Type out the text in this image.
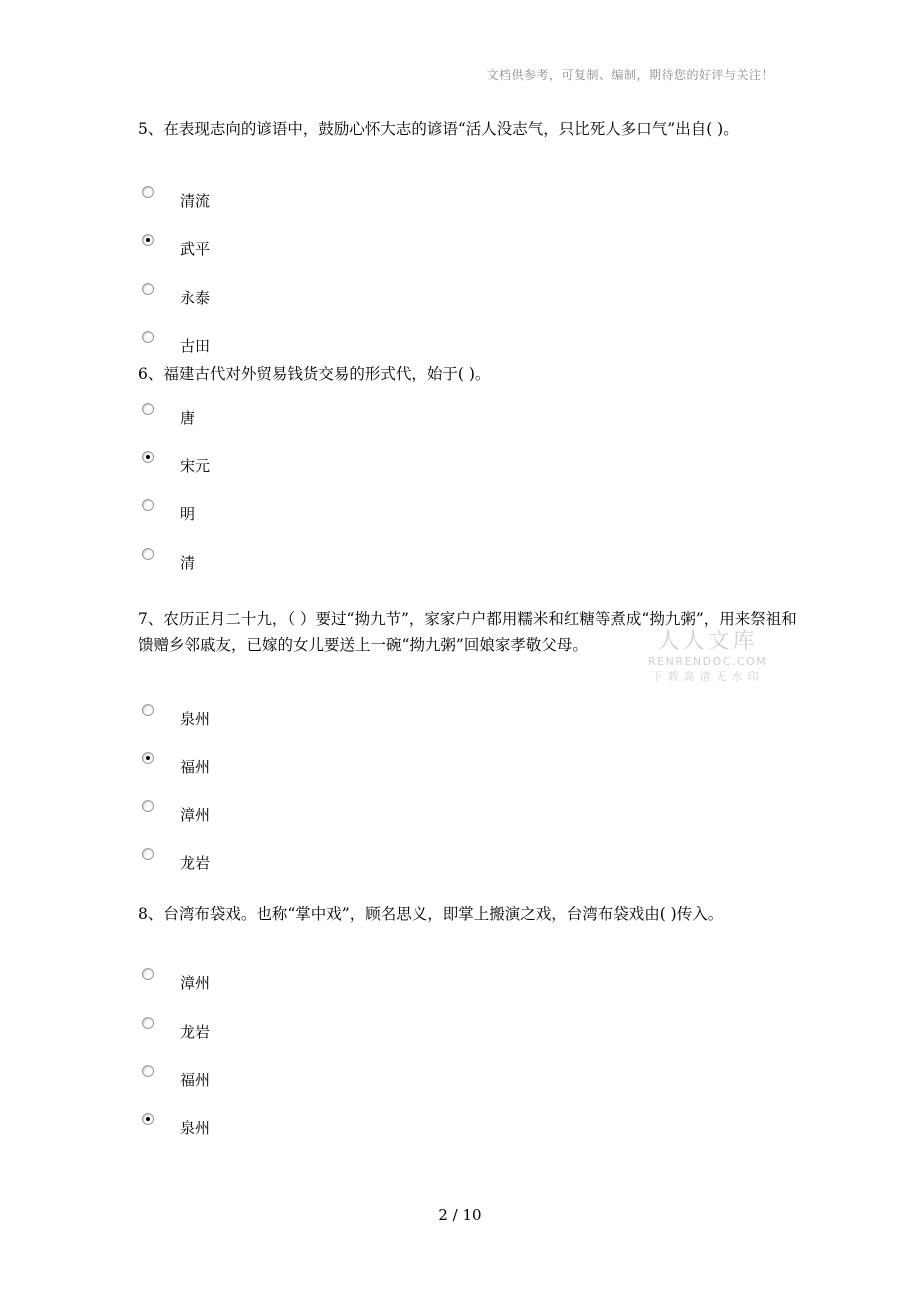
文档供参考，可复制、编制，期待您的好评与关注！
5、在表现志向的谚语中，鼓励心怀大志的谚语“活人没志气，只比死人多口气”出自( )。
清流
武平
永泰
古田
6、福建古代对外贸易钱货交易的形式代，始于( )。
唐
宋元
明
清
7、农历正月二十九，（ ）要过“拗九节”，家家户户都用糯米和红糖等煮成“拗九粥”，用来祭祖和馈赠乡邻戚友，已嫁的女儿要送上一碗“拗九粥”回娘家孝敬父母。
泉州
福州
漳州
龙岩
8、台湾布袋戏。也称“掌中戏”，顾名思义，即掌上搬演之戏，台湾布袋戏由( )传入。
漳州
龙岩
福州
泉州
人人文库
RENRENDOC.COM
下载高清无水印
2 / 10
